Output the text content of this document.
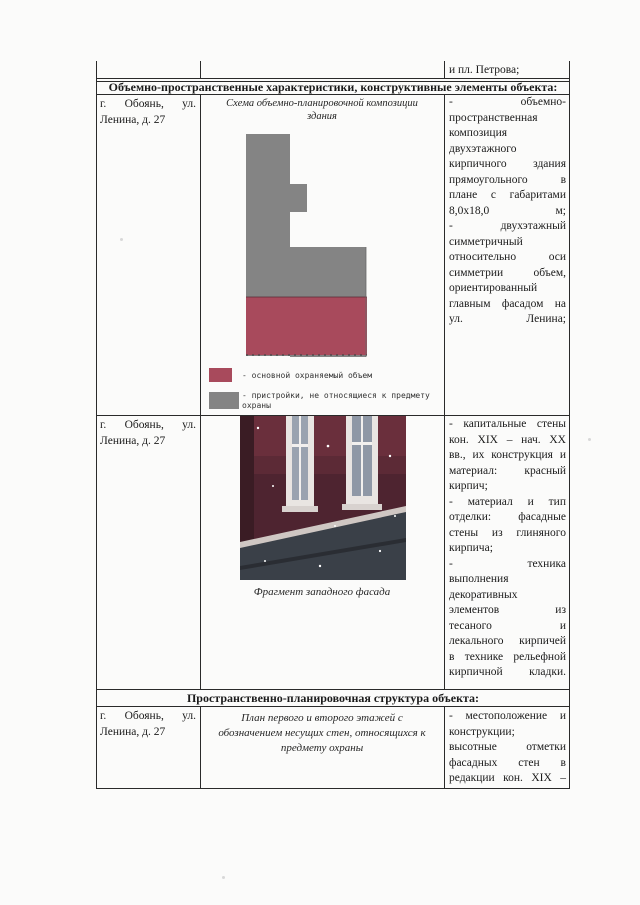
и пл. Петрова;
Объемно-пространственные характеристики, конструктивные элементы объекта:
г. Обоянь, ул.
Ленина, д. 27
Схема объемно-планировочной композиции
здания
- основной охраняемый объем
- пристройки, не относящиеся к предмету
охраны
- объемно-
пространственная
композиция
двухэтажного
кирпичного здания
прямоугольного в
плане с габаритами
8,0х18,0 м;
- двухэтажный
симметричный
относительно оси
симметрии объем,
ориентированный
главным фасадом на
ул. Ленина;
г. Обоянь, ул.
Ленина, д. 27
Фрагмент западного фасада
- капитальные стены
кон. XIX – нач. XX
вв., их конструкция и
материал: красный
кирпич;
- материал и тип
отделки: фасадные
стены из глиняного
кирпича;
- техника
выполнения
декоративных
элементов из
тесаного и
лекального кирпичей
в технике рельефной
кирпичной кладки.
Пространственно-планировочная структура объекта:
г. Обоянь, ул.
Ленина, д. 27
План первого и второго этажей с
обозначением несущих стен, относящихся к
предмету охраны
- местоположение и
конструкции;
высотные отметки
фасадных стен в
редакции кон. XIX –
